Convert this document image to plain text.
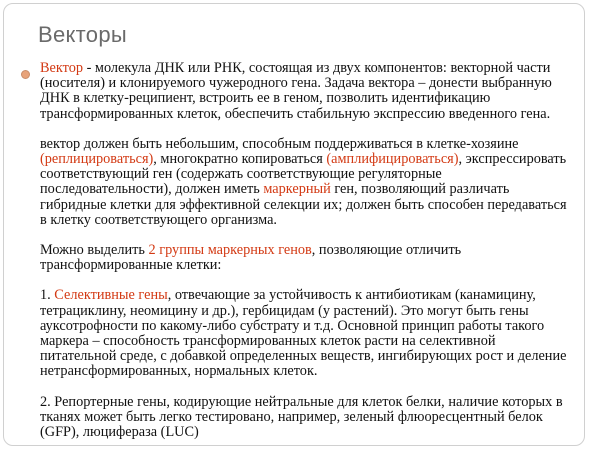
Векторы

Вектор - молекула ДНК или РНК, состоящая из двух компонентов: векторной части (носителя) и клонируемого чужеродного гена. Задача вектора – донести выбранную ДНК в клетку-реципиент, встроить ее в геном, позволить идентификацию трансформированных клеток, обеспечить стабильную экспрессию введенного гена.

вектор должен быть небольшим, способным поддерживаться в клетке-хозяине (реплицироваться), многократно копироваться (амплифицироваться), экспрессировать соответствующий ген (содержать соответствующие регуляторные последовательности), должен иметь маркерный ген, позволяющий различать гибридные клетки для эффективной селекции их; должен быть способен передаваться в клетку соответствующего организма.

Можно выделить 2 группы маркерных генов, позволяющие отличить трансформированные клетки:

1. Селективные гены, отвечающие за устойчивость к антибиотикам (канамицину, тетрациклину, неомицину и др.), гербицидам (у растений). Это могут быть гены ауксотрофности по какому-либо субстрату и т.д. Основной принцип работы такого маркера – способность трансформированных клеток расти на селективной питательной среде, с добавкой определенных веществ, ингибирующих рост и деление нетрансформированных, нормальных клеток.

2. Репортерные гены, кодирующие нейтральные для клеток белки, наличие которых в тканях может быть легко тестировано, например, зеленый флюоресцентный белок (GFP), люцифераза (LUC)
